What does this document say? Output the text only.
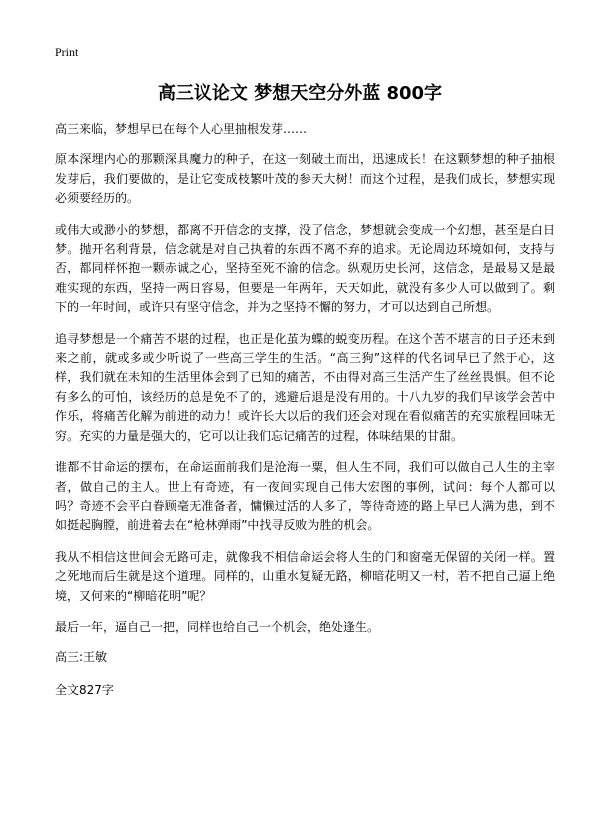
Print
高三议论文 梦想天空分外蓝 800字

高三来临，梦想早已在每个人心里抽根发芽……

原本深埋内心的那颗深具魔力的种子，在这一刻破土而出，迅速成长！在这颗梦想的种子抽根发芽后，我们要做的，是让它变成枝繁叶茂的参天大树！而这个过程，是我们成长，梦想实现必须要经历的。

或伟大或渺小的梦想，都离不开信念的支撑，没了信念，梦想就会变成一个幻想，甚至是白日梦。抛开名利背景，信念就是对自己执着的东西不离不弃的追求。无论周边环境如何，支持与否，都同样怀抱一颗赤诚之心，坚持至死不渝的信念。纵观历史长河，这信念，是最易又是最难实现的东西，坚持一两日容易，但要是一年两年，天天如此，就没有多少人可以做到了。剩下的一年时间，或许只有坚守信念，并为之坚持不懈的努力，才可以达到自己所想。

追寻梦想是一个痛苦不堪的过程，也正是化茧为蝶的蜕变历程。在这个苦不堪言的日子还未到来之前，就或多或少听说了一些高三学生的生活。“高三狗”这样的代名词早已了然于心，这样，我们就在未知的生活里体会到了已知的痛苦，不由得对高三生活产生了丝丝畏惧。但不论有多么的可怕，该经历的总是免不了的，逃避后退是没有用的。十八九岁的我们早该学会苦中作乐，将痛苦化解为前进的动力！或许长大以后的我们还会对现在看似痛苦的充实旅程回味无穷。充实的力量是强大的，它可以让我们忘记痛苦的过程，体味结果的甘甜。

谁都不甘命运的摆布，在命运面前我们是沧海一粟，但人生不同，我们可以做自己人生的主宰者，做自己的主人。世上有奇迹，有一夜间实现自己伟大宏图的事例，试问：每个人都可以吗？奇迹不会平白眷顾毫无准备者，慵懒过活的人多了，等待奇迹的路上早已人满为患，到不如挺起胸膛，前进着去在“枪林弹雨”中找寻反败为胜的机会。

我从不相信这世间会无路可走，就像我不相信命运会将人生的门和窗毫无保留的关闭一样。置之死地而后生就是这个道理。同样的，山重水复疑无路，柳暗花明又一村，若不把自己逼上绝境，又何来的“柳暗花明”呢？

最后一年，逼自己一把，同样也给自己一个机会，绝处逢生。

高三:王敏

全文827字
